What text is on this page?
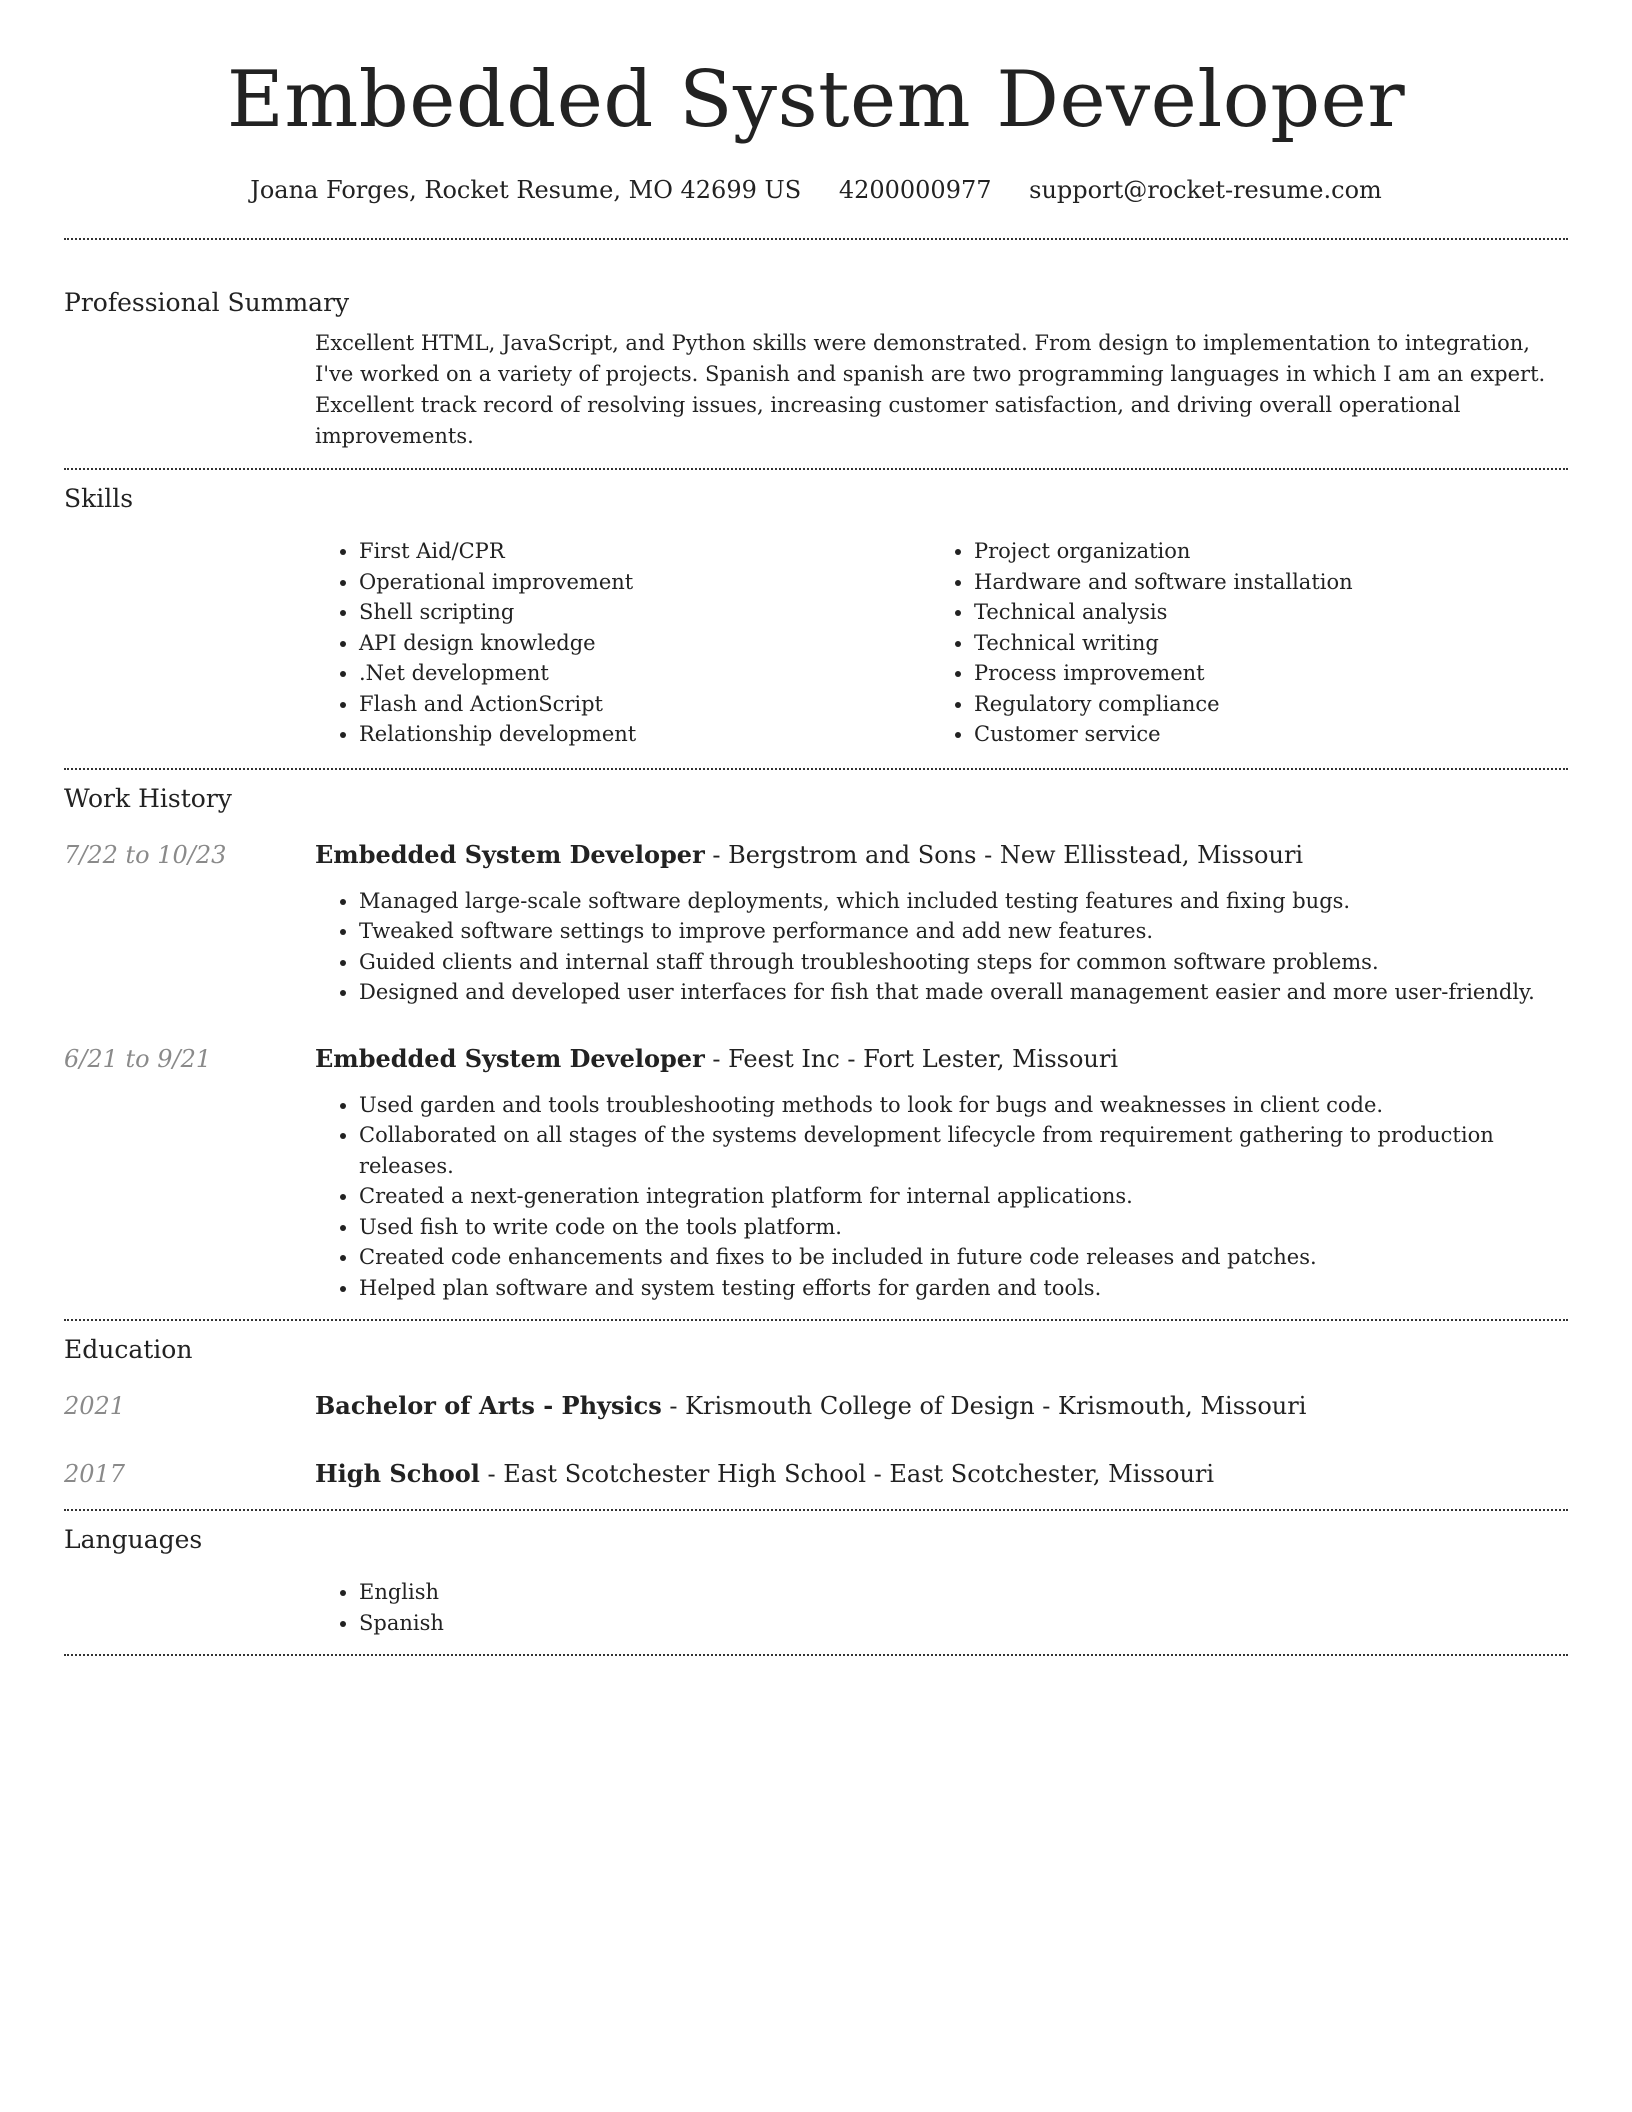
Embedded System Developer
Joana Forges, Rocket Resume, MO 42699 US 4200000977 support@rocket-resume.com
Professional Summary

Excellent HTML, JavaScript, and Python skills were demonstrated. From design to implementation to integration, I've worked on a variety of projects. Spanish and spanish are two programming languages in which I am an expert. Excellent track record of resolving issues, increasing customer satisfaction, and driving overall operational improvements.

Skills
• First Aid/CPR
• Operational improvement
• Shell scripting
• API design knowledge
• .Net development
• Flash and ActionScript
• Relationship development
• Project organization
• Hardware and software installation
• Technical analysis
• Technical writing
• Process improvement
• Regulatory compliance
• Customer service
Work History
7/22 to 10/23	Embedded System Developer - Bergstrom and Sons - New Ellisstead, Missouri
• Managed large-scale software deployments, which included testing features and fixing bugs.
• Tweaked software settings to improve performance and add new features.
• Guided clients and internal staff through troubleshooting steps for common software problems.
• Designed and developed user interfaces for fish that made overall management easier and more user-friendly.
6/21 to 9/21	Embedded System Developer - Feest Inc - Fort Lester, Missouri
• Used garden and tools troubleshooting methods to look for bugs and weaknesses in client code.
• Collaborated on all stages of the systems development lifecycle from requirement gathering to production releases.
• Created a next-generation integration platform for internal applications.
• Used fish to write code on the tools platform.
• Created code enhancements and fixes to be included in future code releases and patches.
• Helped plan software and system testing efforts for garden and tools.
Education
2021	Bachelor of Arts - Physics - Krismouth College of Design - Krismouth, Missouri
2017	High School - East Scotchester High School - East Scotchester, Missouri
Languages
• English
• Spanish
